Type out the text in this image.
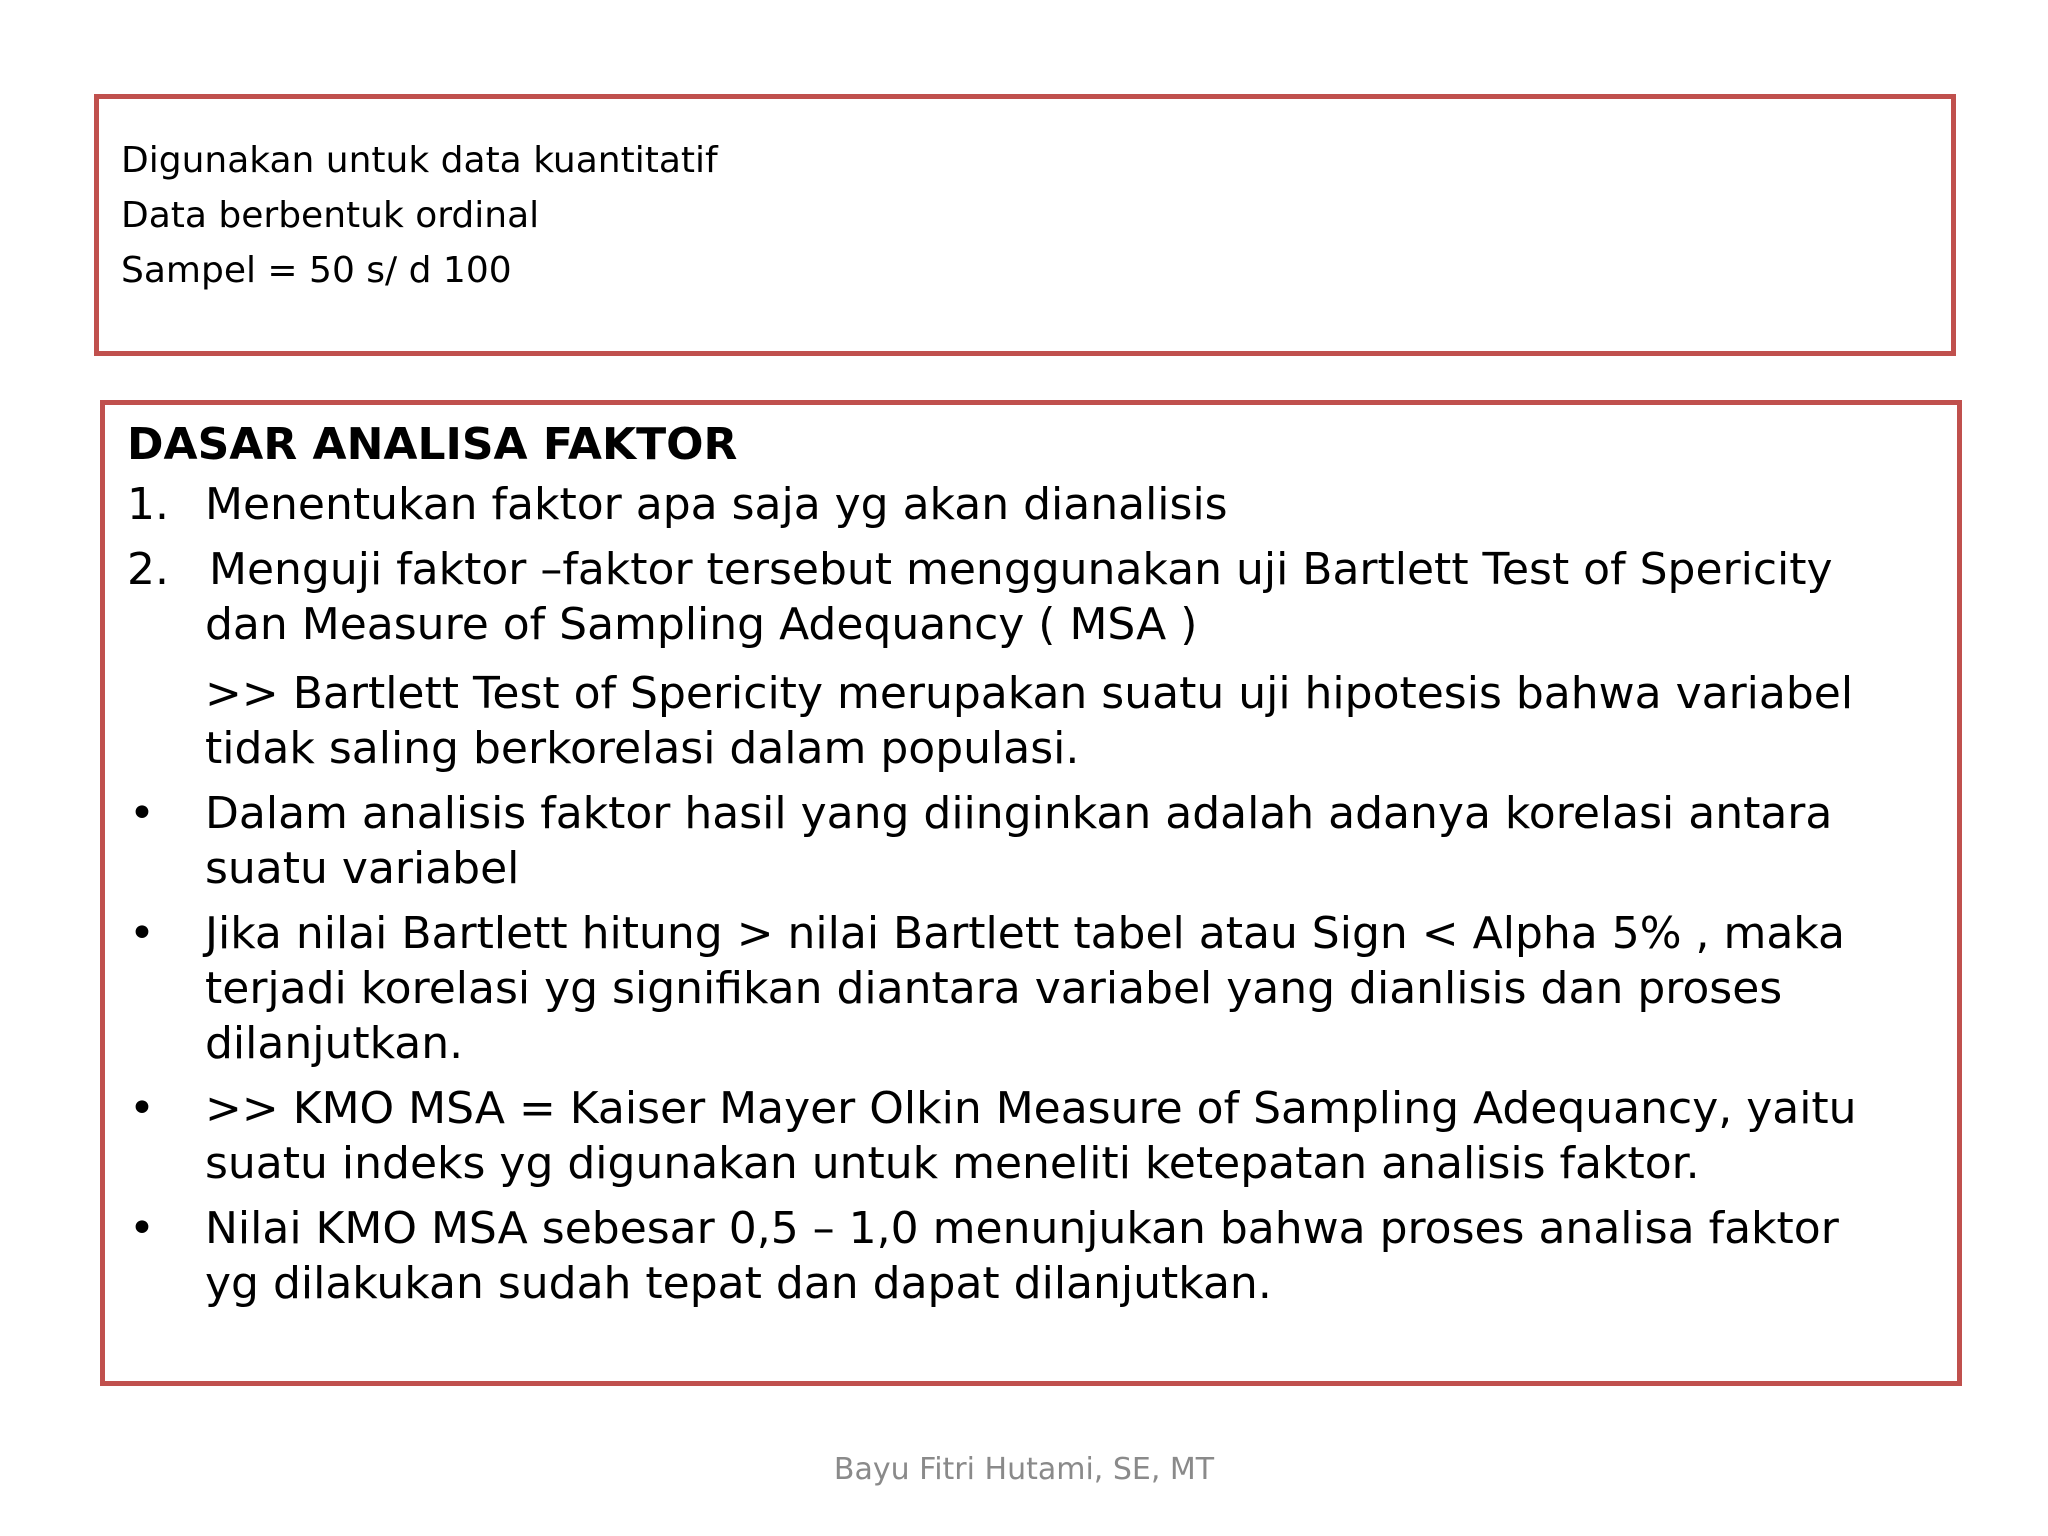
Digunakan untuk data kuantitatif
Data berbentuk ordinal
Sampel = 50 s/ d 100
DASAR ANALISA FAKTOR
1. Menentukan faktor apa saja yg akan dianalisis
2. Menguji faktor –faktor tersebut menggunakan uji Bartlett Test of Spericity
dan Measure of Sampling Adequancy ( MSA )
>> Bartlett Test of Spericity merupakan suatu uji hipotesis bahwa variabel
tidak saling berkorelasi dalam populasi.
• Dalam analisis faktor hasil yang diinginkan adalah adanya korelasi antara
suatu variabel
• Jika nilai Bartlett hitung > nilai Bartlett tabel atau Sign < Alpha 5% , maka
terjadi korelasi yg signifikan diantara variabel yang dianlisis dan proses
dilanjutkan.
• >> KMO MSA = Kaiser Mayer Olkin Measure of Sampling Adequancy, yaitu
suatu indeks yg digunakan untuk meneliti ketepatan analisis faktor.
• Nilai KMO MSA sebesar 0,5 – 1,0 menunjukan bahwa proses analisa faktor
yg dilakukan sudah tepat dan dapat dilanjutkan.
Bayu Fitri Hutami, SE, MT
